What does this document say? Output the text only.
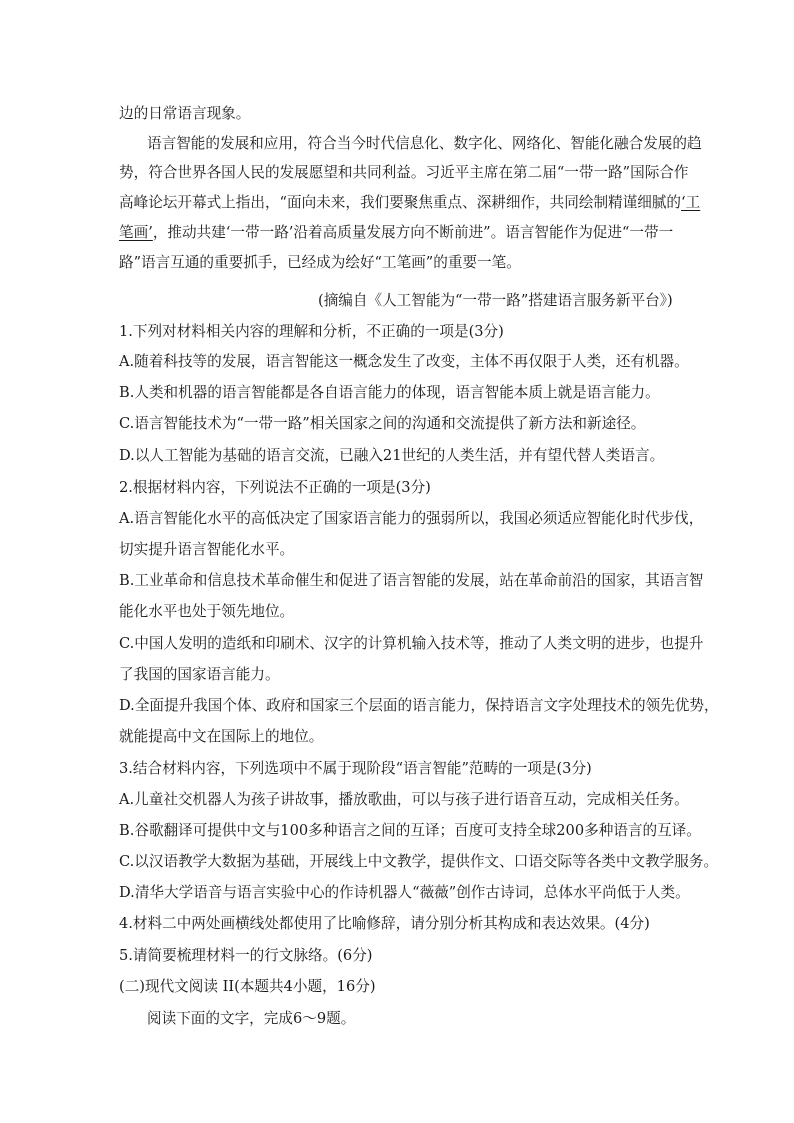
边的日常语言现象。
语言智能的发展和应用，符合当今时代信息化、数字化、网络化、智能化融合发展的趋
势，符合世界各国人民的发展愿望和共同利益。习近平主席在第二届“一带一路”国际合作
高峰论坛开幕式上指出，“面向未来，我们要聚焦重点、深耕细作，共同绘制精谨细腻的‘工
笔画’，推动共建‘一带一路’沿着高质量发展方向不断前进”。语言智能作为促进“一带一
路”语言互通的重要抓手，已经成为绘好“工笔画”的重要一笔。
(摘编自《人工智能为“一带一路”搭建语言服务新平台》)
1.下列对材料相关内容的理解和分析，不正确的一项是(3分)
A.随着科技等的发展，语言智能这一概念发生了改变，主体不再仅限于人类，还有机器。
B.人类和机器的语言智能都是各自语言能力的体现，语言智能本质上就是语言能力。
C.语言智能技术为“一带一路”相关国家之间的沟通和交流提供了新方法和新途径。
D.以人工智能为基础的语言交流，已融入21世纪的人类生活，并有望代替人类语言。
2.根据材料内容，下列说法不正确的一项是(3分)
A.语言智能化水平的高低决定了国家语言能力的强弱所以，我国必须适应智能化时代步伐，
切实提升语言智能化水平。
B.工业革命和信息技术革命催生和促进了语言智能的发展，站在革命前沿的国家，其语言智
能化水平也处于领先地位。
C.中国人发明的造纸和印刷术、汉字的计算机输入技术等，推动了人类文明的进步，也提升
了我国的国家语言能力。
D.全面提升我国个体、政府和国家三个层面的语言能力，保持语言文字处理技术的领先优势，
就能提高中文在国际上的地位。
3.结合材料内容，下列选项中不属于现阶段“语言智能”范畴的一项是(3分)
A.儿童社交机器人为孩子讲故事，播放歌曲，可以与孩子进行语音互动，完成相关任务。
B.谷歌翻译可提供中文与100多种语言之间的互译；百度可支持全球200多种语言的互译。
C.以汉语教学大数据为基础，开展线上中文教学，提供作文、口语交际等各类中文教学服务。
D.清华大学语音与语言实验中心的作诗机器人“薇薇”创作古诗词，总体水平尚低于人类。
4.材料二中两处画横线处都使用了比喻修辞，请分别分析其构成和表达效果。(4分)
5.请简要梳理材料一的行文脉络。(6分)
(二)现代文阅读 II(本题共4小题，16分)
阅读下面的文字，完成6～9题。
